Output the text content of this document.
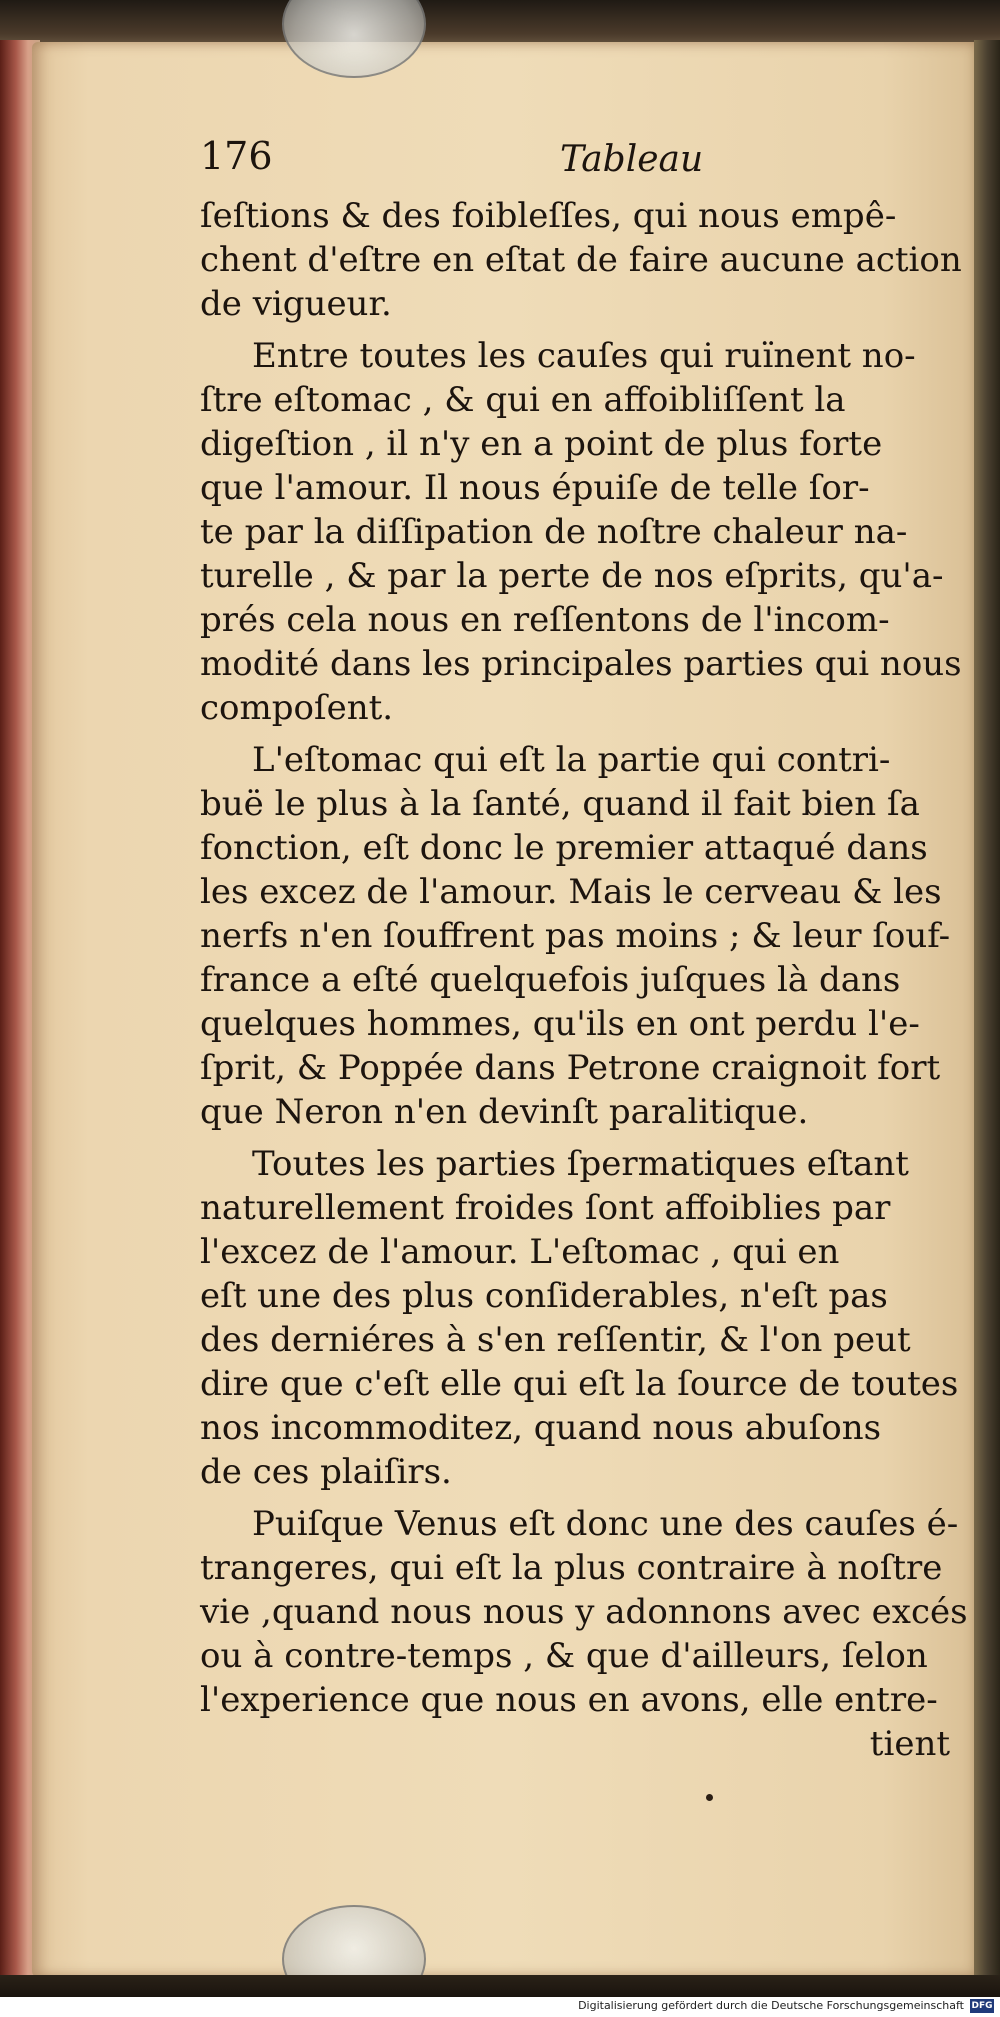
176	Tableau
ſeſtions & des foibleſſes, qui nous empê-
chent d'eſtre en eſtat de faire aucune action
de vigueur.
Entre toutes les cauſes qui ruïnent no-
ſtre eſtomac , & qui en affoibliſſent la
digeſtion , il n'y en a point de plus forte
que l'amour. Il nous épuiſe de telle ſor-
te par la diſſipation de noſtre chaleur na-
turelle , & par la perte de nos eſprits, qu'a-
prés cela nous en reſſentons de l'incom-
modité dans les principales parties qui nous
compoſent.
L'eſtomac qui eſt la partie qui contri-
buë le plus à la ſanté, quand il fait bien ſa
fonction, eſt donc le premier attaqué dans
les excez de l'amour. Mais le cerveau & les
nerfs n'en ſouffrent pas moins ; & leur ſouf-
france a eſté quelquefois juſques là dans
quelques hommes, qu'ils en ont perdu l'e-
ſprit, & Poppée dans Petrone craignoit fort
que Neron n'en devinſt paralitique.
Toutes les parties ſpermatiques eſtant
naturellement froides ſont affoiblies par
l'excez de l'amour. L'eſtomac , qui en
eſt une des plus conſiderables, n'eſt pas
des derniéres à s'en reſſentir, & l'on peut
dire que c'eſt elle qui eſt la ſource de toutes
nos incommoditez, quand nous abuſons
de ces plaiſirs.
Puiſque Venus eſt donc une des cauſes é-
trangeres, qui eſt la plus contraire à noſtre
vie ,quand nous nous y adonnons avec excés
ou à contre-temps , & que d'ailleurs, ſelon
l'experience que nous en avons, elle entre-
tient
Digitalisierung gefördert durch die Deutsche Forschungsgemeinschaft DFG
